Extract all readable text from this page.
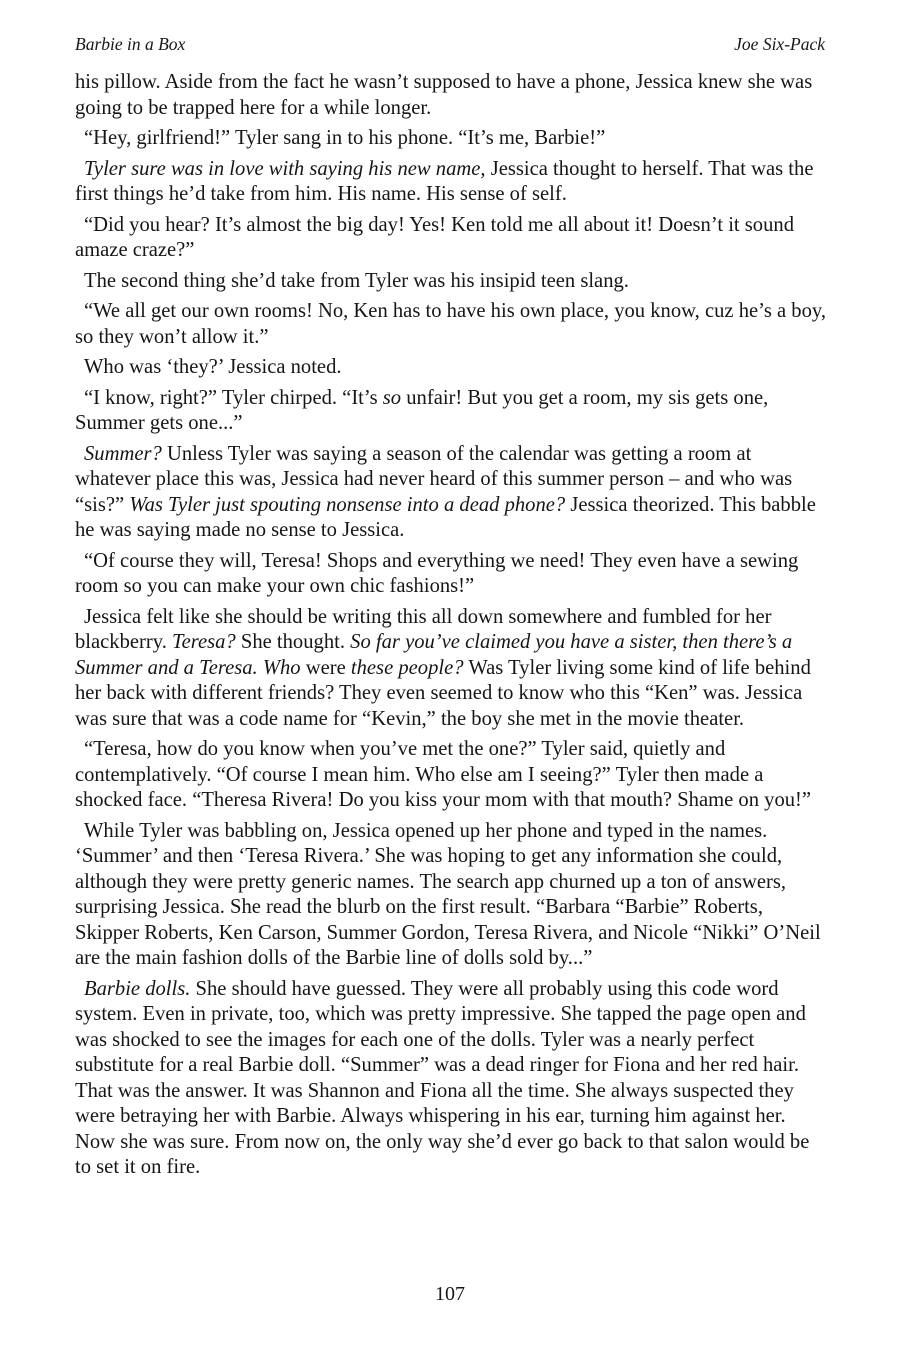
Barbie in a Box	Joe Six-Pack

his pillow. Aside from the fact he wasn’t supposed to have a phone, Jessica knew she was going to be trapped here for a while longer.

“Hey, girlfriend!” Tyler sang in to his phone. “It’s me, Barbie!”

Tyler sure was in love with saying his new name, Jessica thought to herself. That was the first things he’d take from him. His name. His sense of self.

“Did you hear? It’s almost the big day! Yes! Ken told me all about it! Doesn’t it sound amaze craze?”

The second thing she’d take from Tyler was his insipid teen slang.

“We all get our own rooms! No, Ken has to have his own place, you know, cuz he’s a boy, so they won’t allow it.”

Who was ‘they?’ Jessica noted.

“I know, right?” Tyler chirped. “It’s so unfair! But you get a room, my sis gets one, Summer gets one...”

Summer? Unless Tyler was saying a season of the calendar was getting a room at whatever place this was, Jessica had never heard of this summer person – and who was “sis?” Was Tyler just spouting nonsense into a dead phone? Jessica theorized. This babble he was saying made no sense to Jessica.

“Of course they will, Teresa! Shops and everything we need! They even have a sewing room so you can make your own chic fashions!”

Jessica felt like she should be writing this all down somewhere and fumbled for her blackberry. Teresa? She thought. So far you’ve claimed you have a sister, then there’s a Summer and a Teresa. Who were these people? Was Tyler living some kind of life behind her back with different friends? They even seemed to know who this “Ken” was. Jessica was sure that was a code name for “Kevin,” the boy she met in the movie theater.

“Teresa, how do you know when you’ve met the one?” Tyler said, quietly and contemplatively. “Of course I mean him. Who else am I seeing?” Tyler then made a shocked face. “Theresa Rivera! Do you kiss your mom with that mouth? Shame on you!”

While Tyler was babbling on, Jessica opened up her phone and typed in the names. ‘Summer’ and then ‘Teresa Rivera.’ She was hoping to get any information she could, although they were pretty generic names. The search app churned up a ton of answers, surprising Jessica. She read the blurb on the first result. “Barbara “Barbie” Roberts, Skipper Roberts, Ken Carson, Summer Gordon, Teresa Rivera, and Nicole “Nikki” O’Neil are the main fashion dolls of the Barbie line of dolls sold by...”

Barbie dolls. She should have guessed. They were all probably using this code word system. Even in private, too, which was pretty impressive. She tapped the page open and was shocked to see the images for each one of the dolls. Tyler was a nearly perfect substitute for a real Barbie doll. “Summer” was a dead ringer for Fiona and her red hair. That was the answer. It was Shannon and Fiona all the time. She always suspected they were betraying her with Barbie. Always whispering in his ear, turning him against her. Now she was sure. From now on, the only way she’d ever go back to that salon would be to set it on fire.

107
